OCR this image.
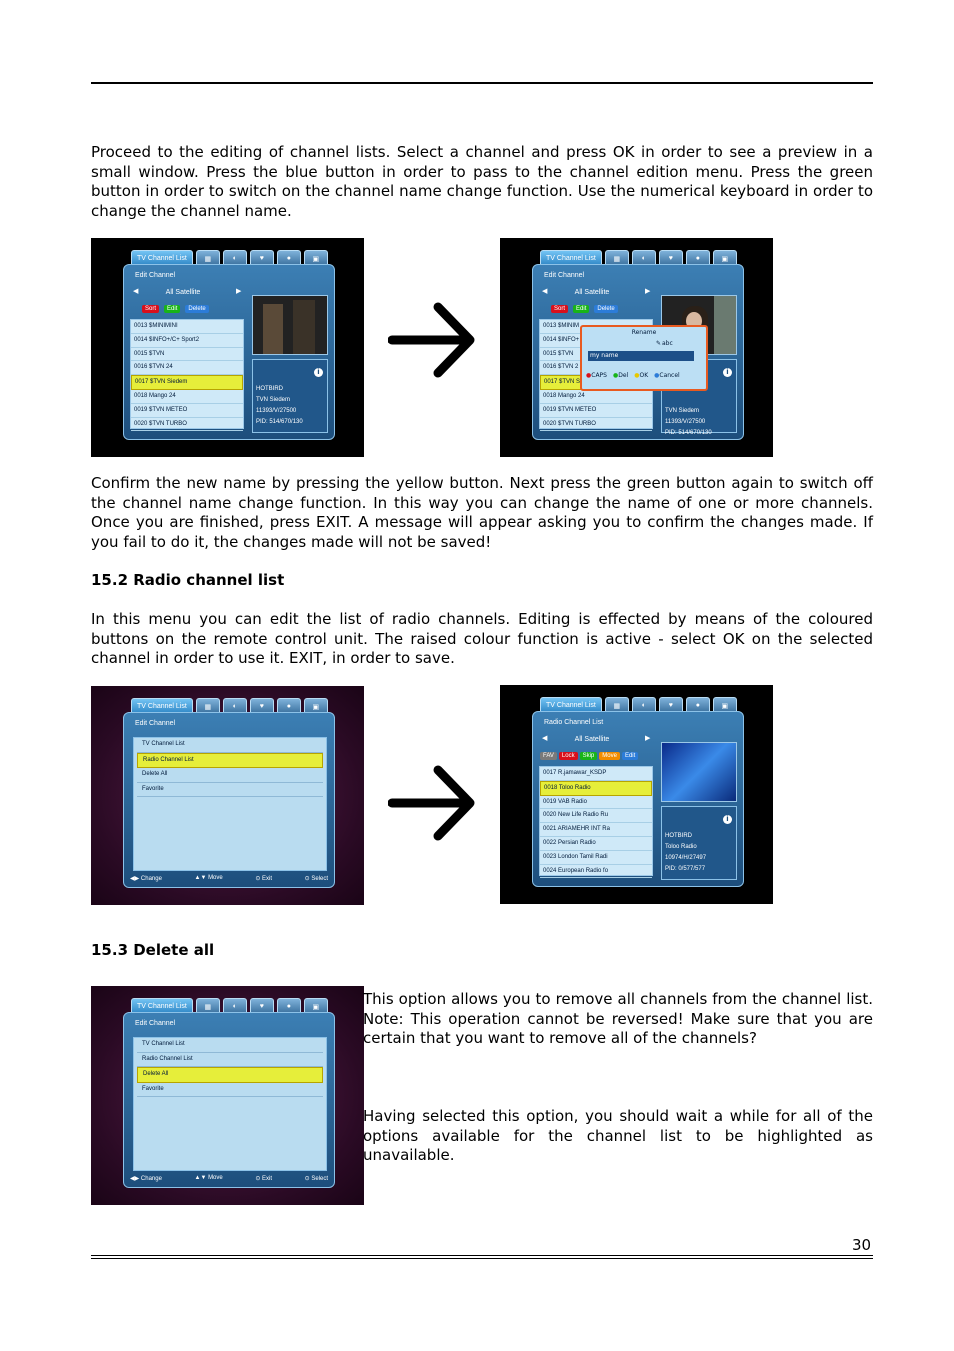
Proceed to the editing of channel lists. Select a channel and press OK in order to see a preview in a small window. Press the blue button in order to pass to the channel edition menu. Press the green button in order to switch on the channel name change function. Use the numerical keyboard in order to change the channel name.

TV Channel List	▦	◐	♥	●	▣
Edit Channel
◀	All Satellite	▶
Sort	Edit	Delete
0013 $MINIMINI
0014 $INFO+/C+ Sport2
0015 $TVN
0016 $TVN 24
0017 $TVN Siedem
0018 Mango 24
0019 $TVN METEO
0020 $TVN TURBO
i
HOTBIRD
TVN Siedem
11393/V/27500
PID: 514/670/130
TV Channel List	▦	◐	♥	●	▣
Edit Channel
◀	All Satellite	▶
Sort	Edit	Delete
0013 $MINIM
0014 $INFO+
0015 $TVN
0016 $TVN 2
0017 $TVN S
0018 Mango 24
0019 $TVN METEO
0020 $TVN TURBO
i
TVN Siedem
11393/V/27500
PID: 514/670/130
Rename
✎ abc
my name
●CAPS ●Del ●OK ●Cancel

Confirm the new name by pressing the yellow button. Next press the green button again to switch off the channel name change function. In this way you can change the name of one or more channels. Once you are finished, press EXIT. A message will appear asking you to confirm the changes made. If you fail to do it, the changes made will not be saved!

15.2 Radio channel list

In this menu you can edit the list of radio channels. Editing is effected by means of the coloured buttons on the remote control unit. The raised colour function is active - select OK on the selected channel in order to use it. EXIT, in order to save.

TV Channel List	▦	◐	♥	●	▣
Edit Channel
TV Channel List
Radio Channel List
Delete All
Favorite
◀▶ Change	▲▼ Move	⊙ Exit	⊙ Select
TV Channel List	▦	◐	♥	●	▣
Radio Channel List
◀	All Satellite	▶
FAV	Lock	Skip	Move	Edit
0017 R.jamawar_KSDP
0018 Toloo Radio
0019 VAB Radio
0020 New Life Radio Ru
0021 ARIAMEHR INT Ra
0022 Persian Radio
0023 London Tamil Radi
0024 European Radio fo
i
HOTBIRD
Toloo Radio
10974/H/27497
PID: 0/577/577

15.3 Delete all

TV Channel List	▦	◐	♥	●	▣
Edit Channel
TV Channel List
Radio Channel List
Delete All
Favorite
◀▶ Change	▲▼ Move	⊙ Exit	⊙ Select

This option allows you to remove all channels from the channel list. Note: This operation cannot be reversed! Make sure that you are certain that you want to remove all of the channels?

Having selected this option, you should wait a while for all of the options available for the channel list to be highlighted as unavailable.

30
